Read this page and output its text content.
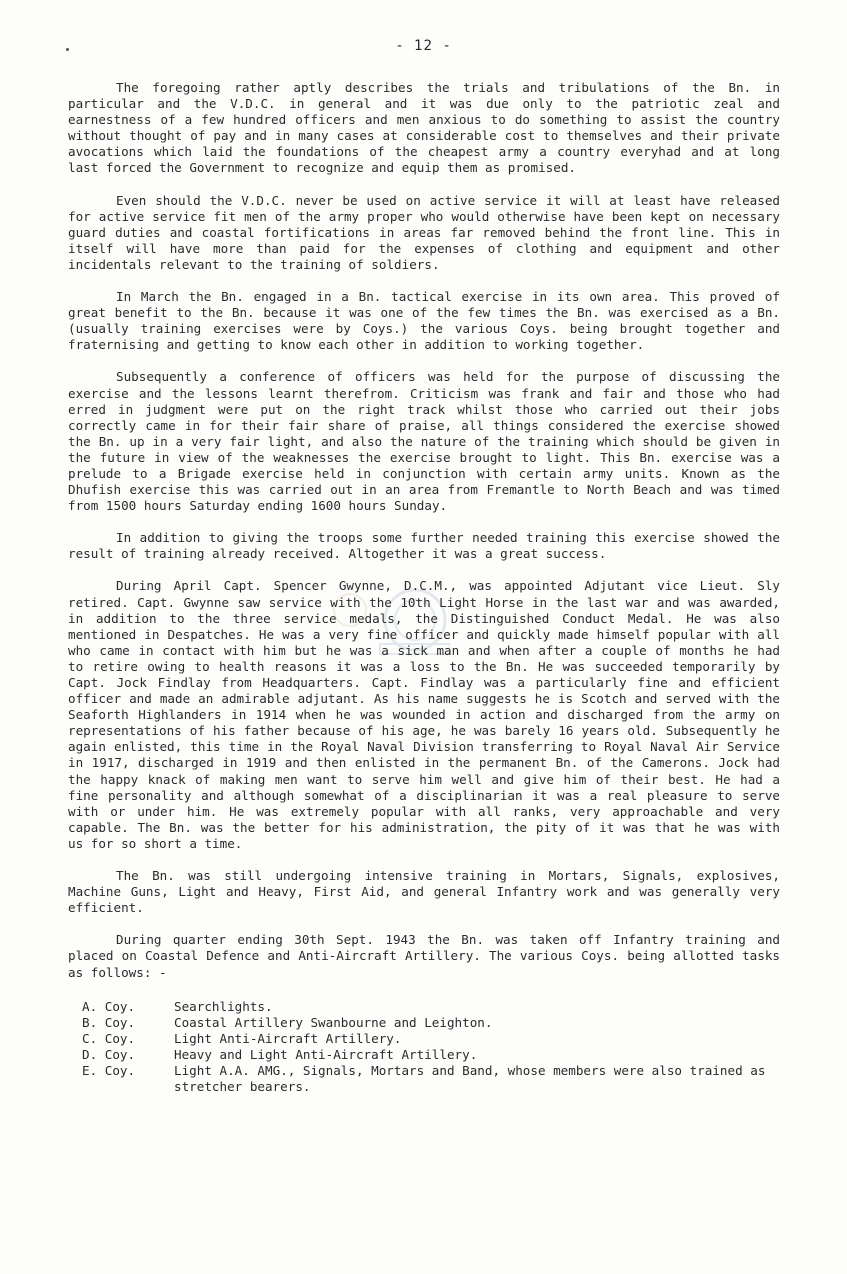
- 12 -

The foregoing rather aptly describes the trials and tribulations of the Bn. in particular and the V.D.C. in general and it was due only to the patriotic zeal and earnestness of a few hundred officers and men anxious to do something to assist the country without thought of pay and in many cases at considerable cost to themselves and their private avocations which laid the foundations of the cheapest army a country everyhad and at long last forced the Government to recognize and equip them as promised.

Even should the V.D.C. never be used on active service it will at least have released for active service fit men of the army proper who would otherwise have been kept on necessary guard duties and coastal fortifications in areas far removed behind the front line. This in itself will have more than paid for the expenses of clothing and equipment and other incidentals relevant to the training of soldiers.

In March the Bn. engaged in a Bn. tactical exercise in its own area. This proved of great benefit to the Bn. because it was one of the few times the Bn. was exercised as a Bn. (usually training exercises were by Coys.) the various Coys. being brought together and fraternising and getting to know each other in addition to working together.

Subsequently a conference of officers was held for the purpose of discussing the exercise and the lessons learnt therefrom. Criticism was frank and fair and those who had erred in judgment were put on the right track whilst those who carried out their jobs correctly came in for their fair share of praise, all things considered the exercise showed the Bn. up in a very fair light, and also the nature of the training which should be given in the future in view of the weaknesses the exercise brought to light. This Bn. exercise was a prelude to a Brigade exercise held in conjunction with certain army units. Known as the Dhufish exercise this was carried out in an area from Fremantle to North Beach and was timed from 1500 hours Saturday ending 1600 hours Sunday.

In addition to giving the troops some further needed training this exercise showed the result of training already received. Altogether it was a great success.

During April Capt. Spencer Gwynne, D.C.M., was appointed Adjutant vice Lieut. Sly retired. Capt. Gwynne saw service with the 10th Light Horse in the last war and was awarded, in addition to the three service medals, the Distinguished Conduct Medal. He was also mentioned in Despatches. He was a very fine officer and quickly made himself popular with all who came in contact with him but he was a sick man and when after a couple of months he had to retire owing to health reasons it was a loss to the Bn. He was succeeded temporarily by Capt. Jock Findlay from Headquarters. Capt. Findlay was a particularly fine and efficient officer and made an admirable adjutant. As his name suggests he is Scotch and served with the Seaforth Highlanders in 1914 when he was wounded in action and discharged from the army on representations of his father because of his age, he was barely 16 years old. Subsequently he again enlisted, this time in the Royal Naval Division transferring to Royal Naval Air Service in 1917, discharged in 1919 and then enlisted in the permanent Bn. of the Camerons. Jock had the happy knack of making men want to serve him well and give him of their best. He had a fine personality and although somewhat of a disciplinarian it was a real pleasure to serve with or under him. He was extremely popular with all ranks, very approachable and very capable. The Bn. was the better for his administration, the pity of it was that he was with us for so short a time.

The Bn. was still undergoing intensive training in Mortars, Signals, explosives, Machine Guns, Light and Heavy, First Aid, and general Infantry work and was generally very efficient.

During quarter ending 30th Sept. 1943 the Bn. was taken off Infantry training and placed on Coastal Defence and Anti-Aircraft Artillery. The various Coys. being allotted tasks as follows: -

A. Coy.	Searchlights.
B. Coy.	Coastal Artillery Swanbourne and Leighton.
C. Coy.	Light Anti-Aircraft Artillery.
D. Coy.	Heavy and Light Anti-Aircraft Artillery.
E. Coy.	Light A.A. AMG., Signals, Mortars and Band, whose members were also trained as stretcher bearers.
